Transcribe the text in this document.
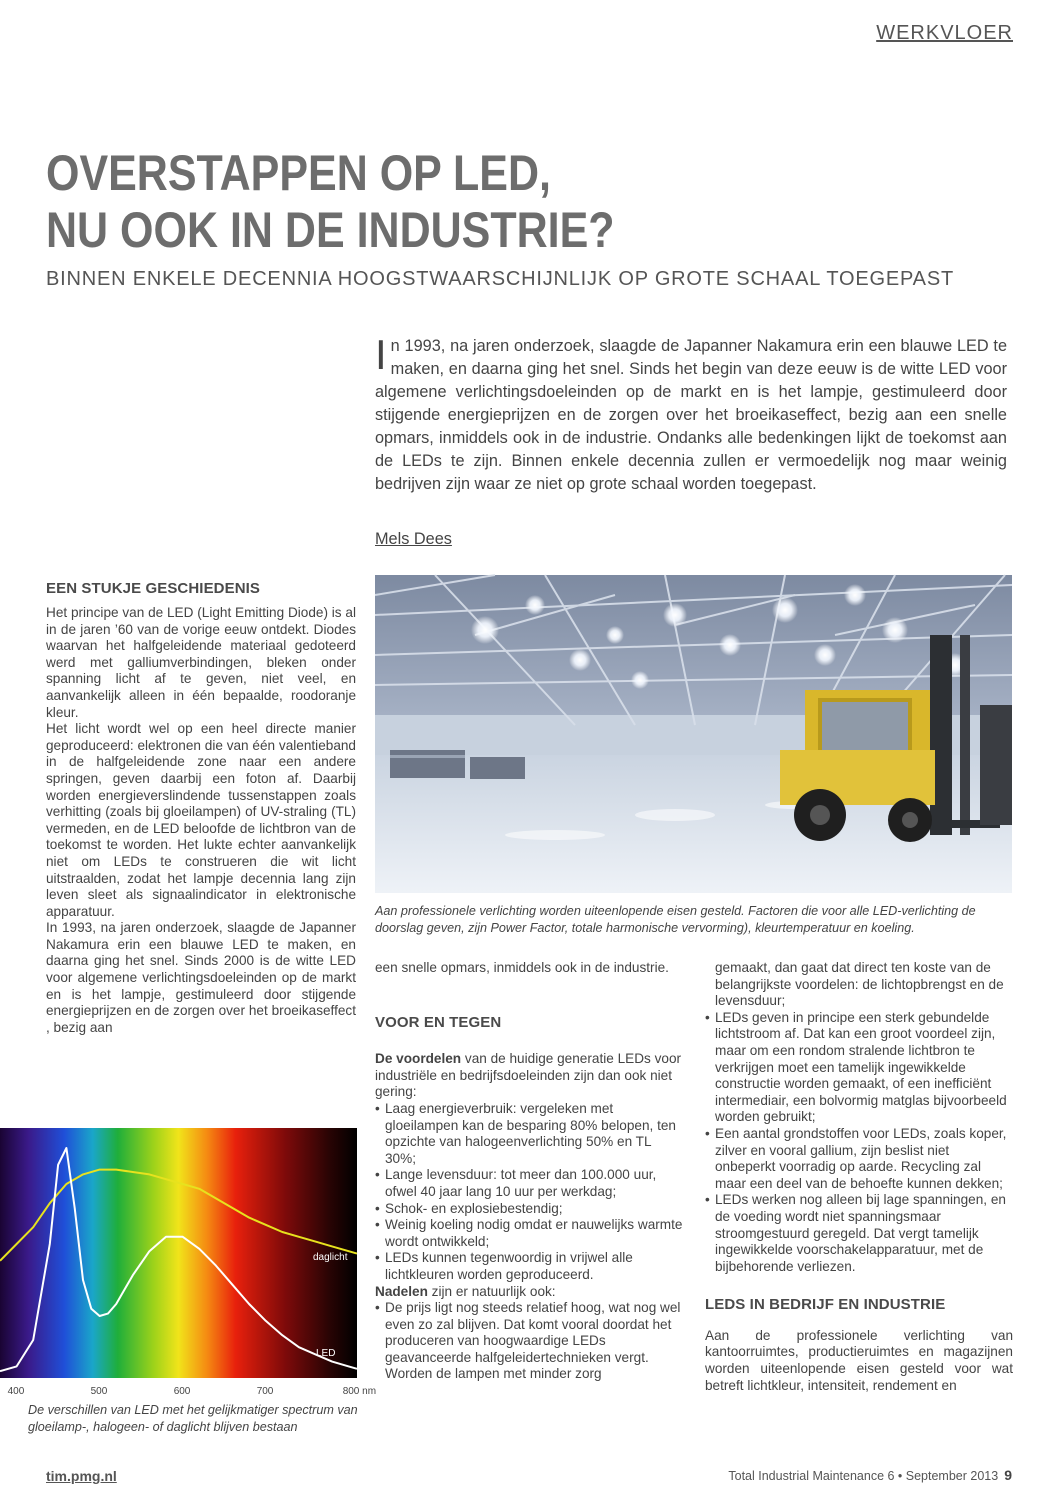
WERKVLOER
OVERSTAPPEN OP LED,
NU OOK IN DE INDUSTRIE?
BINNEN ENKELE DECENNIA HOOGSTWAARSCHIJNLIJK OP GROTE SCHAAL TOEGEPAST

In 1993, na jaren onderzoek, slaagde de Japanner Nakamura erin een blauwe LED te maken, en daarna ging het snel. Sinds het begin van deze eeuw is de witte LED voor algemene verlichtingsdoeleinden op de markt en is het lampje, gestimuleerd door stijgende energieprijzen en de zorgen over het broeikaseffect, bezig aan een snelle opmars, inmiddels ook in de industrie. Ondanks alle bedenkingen lijkt de toekomst aan de LEDs te zijn. Binnen enkele decennia zullen er vermoedelijk nog maar weinig bedrijven zijn waar ze niet op grote schaal worden toegepast.

Mels Dees
EEN STUKJE GESCHIEDENIS

Het principe van de LED (Light Emitting Diode) is al in de jaren ’60 van de vorige eeuw ontdekt. Diodes waarvan het halfgeleidende materiaal gedoteerd werd met galliumverbindingen, bleken onder spanning licht af te geven, niet veel, en aanvankelijk alleen in één bepaalde, roodoranje kleur.

Het licht wordt wel op een heel directe manier geproduceerd: elektronen die van één valentieband in de halfgeleidende zone naar een andere springen, geven daarbij een foton af. Daarbij worden energieverslindende tussenstappen zoals verhitting (zoals bij gloeilampen) of UV-straling (TL) vermeden, en de LED beloofde de lichtbron van de toekomst te worden. Het lukte echter aanvankelijk niet om LEDs te construeren die wit licht uitstraalden, zodat het lampje decennia lang zijn leven sleet als signaalindicator in elektronische apparatuur.

In 1993, na jaren onderzoek, slaagde de Japanner Nakamura erin een blauwe LED te maken, en daarna ging het snel. Sinds 2000 is de witte LED voor algemene verlichtingsdoeleinden op de markt en is het lampje, gestimuleerd door stijgende energieprijzen en de zorgen over het broeikaseffect , bezig aan

Aan professionele verlichting worden uiteenlopende eisen gesteld. Factoren die voor alle LED-verlichting de doorslag geven, zijn Power Factor, totale harmonische vervorming), kleurtemperatuur en koeling.

een snelle opmars, inmiddels ook in de industrie.

VOOR EN TEGEN

De voordelen van de huidige generatie LEDs voor industriële en bedrijfsdoeleinden zijn dan ook niet gering:

• Laag energieverbruik: vergeleken met gloeilampen kan de besparing 80% belopen, ten opzichte van halogeenverlichting 50% en TL 30%;
• Lange levensduur: tot meer dan 100.000 uur, ofwel 40 jaar lang 10 uur per werkdag;
• Schok- en explosiebestendig;
• Weinig koeling nodig omdat er nauwelijks warmte wordt ontwikkeld;
• LEDs kunnen tegenwoordig in vrijwel alle lichtkleuren worden geproduceerd.

Nadelen zijn er natuurlijk ook:

• De prijs ligt nog steeds relatief hoog, wat nog wel even zo zal blijven. Dat komt vooral doordat het produceren van hoogwaardige LEDs geavanceerde halfgeleidertechnieken vergt. Worden de lampen met minder zorg

gemaakt, dan gaat dat direct ten koste van de belangrijkste voordelen: de lichtopbrengst en de levensduur;

• LEDs geven in principe een sterk gebundelde lichtstroom af. Dat kan een groot voordeel zijn, maar om een rondom stralende lichtbron te verkrijgen moet een tamelijk ingewikkelde constructie worden gemaakt, of een inefficiënt intermediair, een bolvormig matglas bijvoorbeeld worden gebruikt;
• Een aantal grondstoffen voor LEDs, zoals koper, zilver en vooral gallium, zijn beslist niet onbeperkt voorradig op aarde. Recycling zal maar een deel van de behoefte kunnen dekken;
• LEDs werken nog alleen bij lage spanningen, en de voeding wordt niet spanningsmaar stroomgestuurd geregeld. Dat vergt tamelijk ingewikkelde voorschakelapparatuur, met de bijbehorende verliezen.
LEDS IN BEDRIJF EN INDUSTRIE

Aan de professionele verlichting van kantoorruimtes, productieruimtes en magazijnen worden uiteenlopende eisen gesteld voor wat betreft lichtkleur, intensiteit, rendement en

400	500	600	700	800 nm
daglicht
LED
De verschillen van LED met het gelijkmatiger spectrum van gloeilamp-, halogeen- of daglicht blijven bestaan
tim.pmg.nl	Total Industrial Maintenance 6 • September 2013 9
